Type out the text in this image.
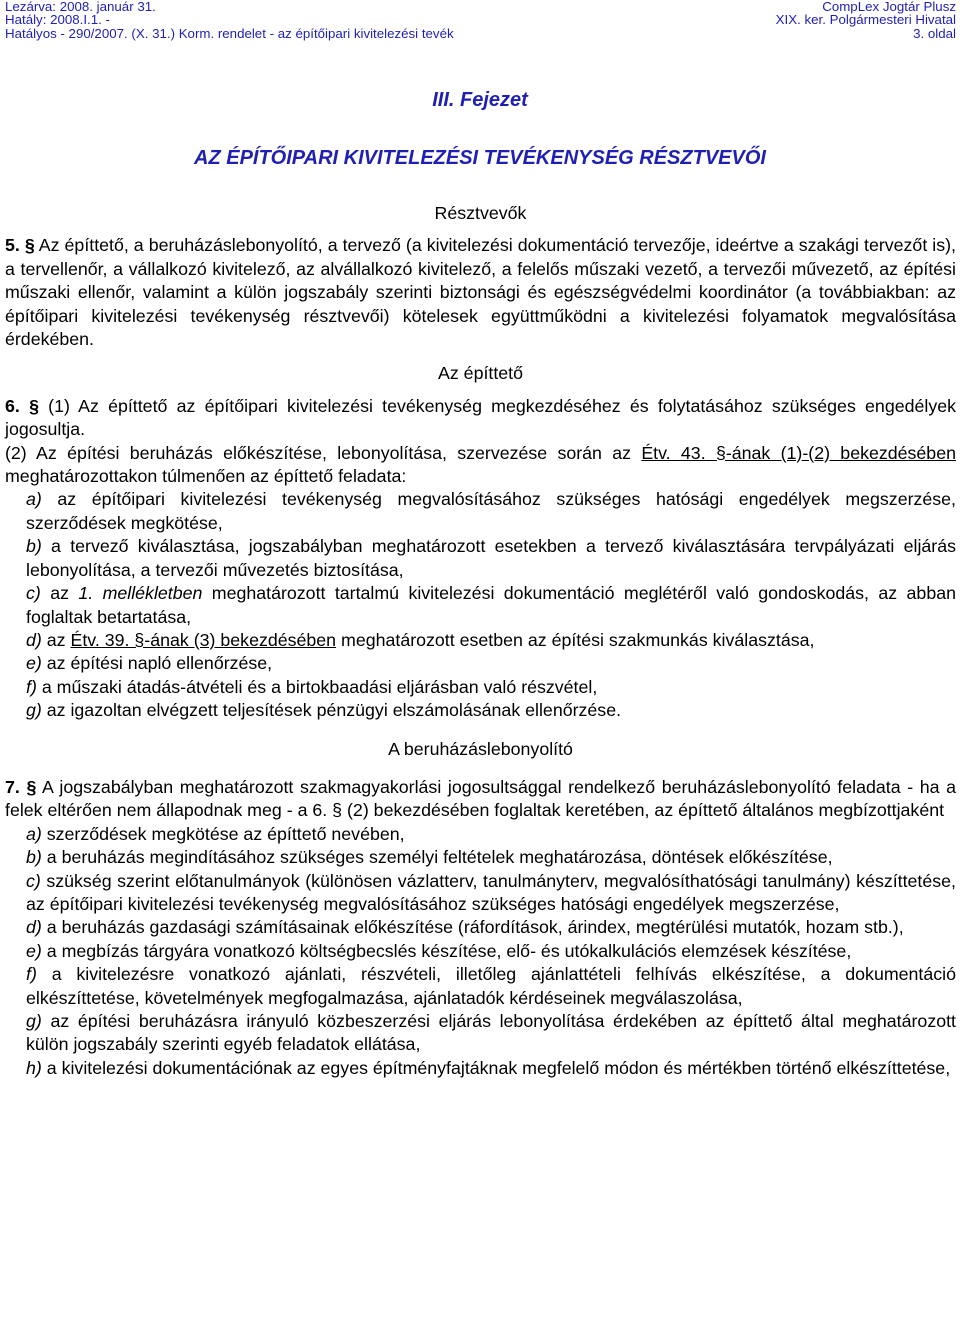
Lezárva: 2008. január 31.
Hatály: 2008.I.1. -
Hatályos - 290/2007. (X. 31.) Korm. rendelet - az építőipari kivitelezési tevék
CompLex Jogtár Plusz
XIX. ker. Polgármesteri Hivatal
3. oldal
III. Fejezet
AZ ÉPÍTŐIPARI KIVITELEZÉSI TEVÉKENYSÉG RÉSZTVEVŐI

Résztvevők

5. § Az építtető, a beruházáslebonyolító, a tervező (a kivitelezési dokumentáció tervezője, ideértve a szakági tervezőt is), a tervellenőr, a vállalkozó kivitelező, az alvállalkozó kivitelező, a felelős műszaki vezető, a tervezői művezető, az építési műszaki ellenőr, valamint a külön jogszabály szerinti biztonsági és egészségvédelmi koordinátor (a továbbiakban: az építőipari kivitelezési tevékenység résztvevői) kötelesek együttműködni a kivitelezési folyamatok megvalósítása érdekében.

Az építtető

6. § (1) Az építtető az építőipari kivitelezési tevékenység megkezdéséhez és folytatásához szükséges engedélyek jogosultja.

(2) Az építési beruházás előkészítése, lebonyolítása, szervezése során az Étv. 43. §-ának (1)-(2) bekezdésében meghatározottakon túlmenően az építtető feladata:

a) az építőipari kivitelezési tevékenység megvalósításához szükséges hatósági engedélyek megszerzése, szerződések megkötése,

b) a tervező kiválasztása, jogszabályban meghatározott esetekben a tervező kiválasztására tervpályázati eljárás lebonyolítása, a tervezői művezetés biztosítása,

c) az 1. mellékletben meghatározott tartalmú kivitelezési dokumentáció meglétéről való gondoskodás, az abban foglaltak betartatása,

d) az Étv. 39. §-ának (3) bekezdésében meghatározott esetben az építési szakmunkás kiválasztása,

e) az építési napló ellenőrzése,

f) a műszaki átadás-átvételi és a birtokbaadási eljárásban való részvétel,

g) az igazoltan elvégzett teljesítések pénzügyi elszámolásának ellenőrzése.

A beruházáslebonyolító

7. § A jogszabályban meghatározott szakmagyakorlási jogosultsággal rendelkező beruházáslebonyolító feladata - ha a felek eltérően nem állapodnak meg - a 6. § (2) bekezdésében foglaltak keretében, az építtető általános megbízottjaként

a) szerződések megkötése az építtető nevében,

b) a beruházás megindításához szükséges személyi feltételek meghatározása, döntések előkészítése,

c) szükség szerint előtanulmányok (különösen vázlatterv, tanulmányterv, megvalósíthatósági tanulmány) készíttetése, az építőipari kivitelezési tevékenység megvalósításához szükséges hatósági engedélyek megszerzése,

d) a beruházás gazdasági számításainak előkészítése (ráfordítások, árindex, megtérülési mutatók, hozam stb.),

e) a megbízás tárgyára vonatkozó költségbecslés készítése, elő- és utókalkulációs elemzések készítése,

f) a kivitelezésre vonatkozó ajánlati, részvételi, illetőleg ajánlattételi felhívás elkészítése, a dokumentáció elkészíttetése, követelmények megfogalmazása, ajánlatadók kérdéseinek megválaszolása,

g) az építési beruházásra irányuló közbeszerzési eljárás lebonyolítása érdekében az építtető által meghatározott külön jogszabály szerinti egyéb feladatok ellátása,

h) a kivitelezési dokumentációnak az egyes építményfajtáknak megfelelő módon és mértékben történő elkészíttetése,
